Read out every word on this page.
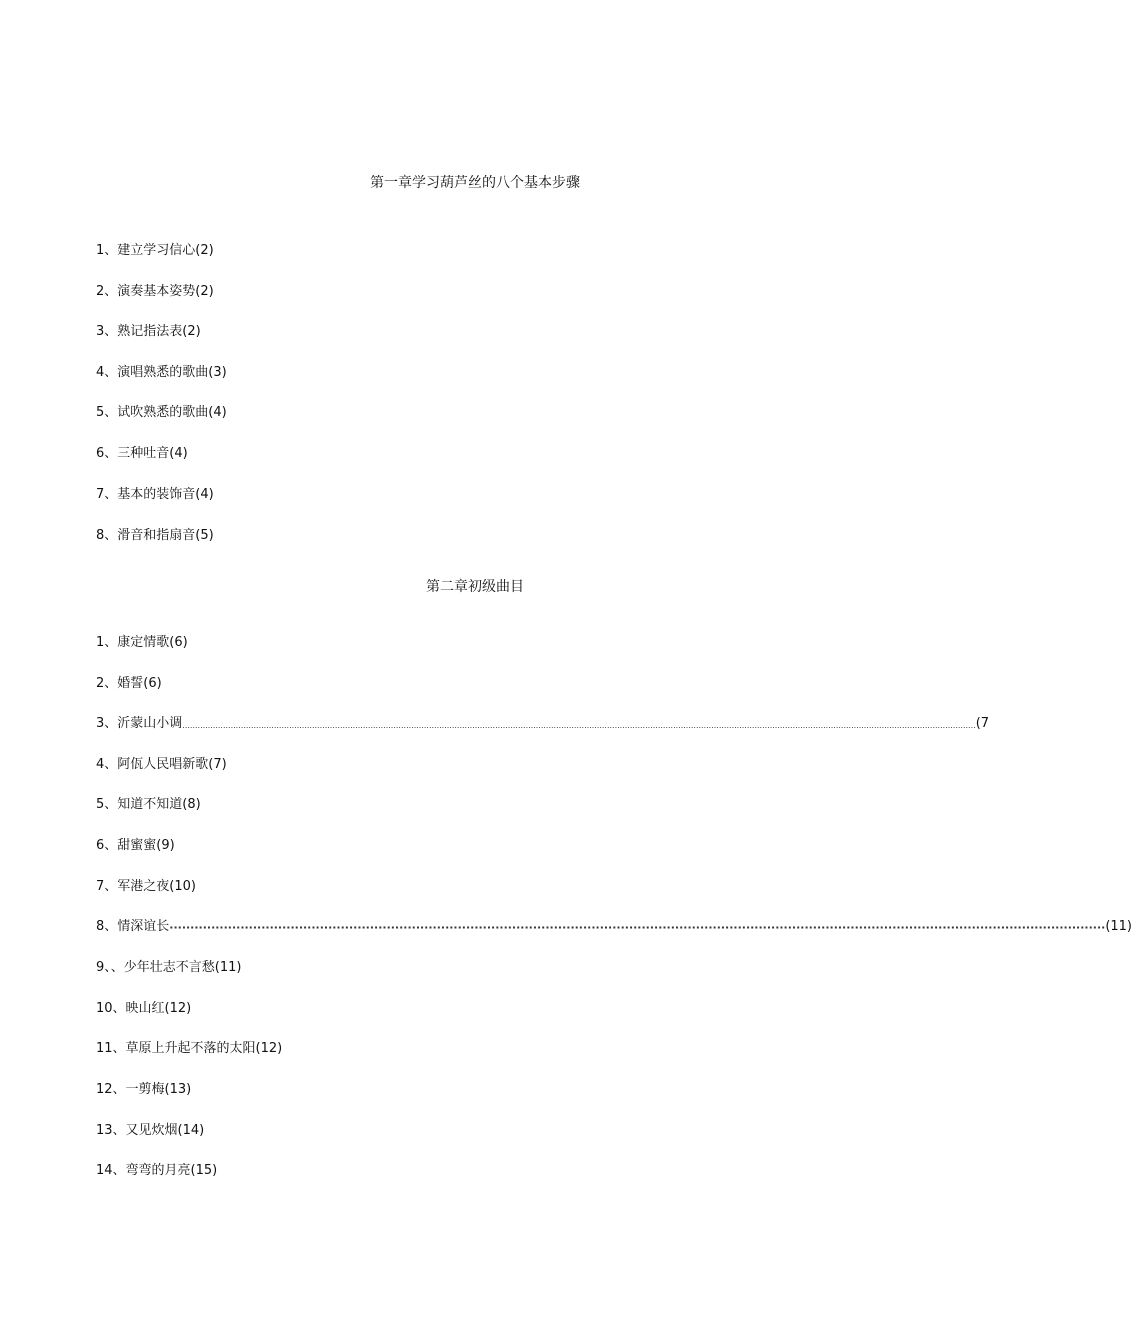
第一章学习葫芦丝的八个基本步骤
1、建立学习信心(2)
2、演奏基本姿势(2)
3、熟记指法表(2)
4、演唱熟悉的歌曲(3)
5、试吹熟悉的歌曲(4)
6、三种吐音(4)
7、基本的装饰音(4)
8、滑音和指扇音(5)
第二章初级曲目
1、康定情歌(6)
2、婚誓(6)
3、沂蒙山小调 ........................................................................................................................................................................................................................................................................................................................ (7
4、阿佤人民唱新歌(7)
5、知道不知道(8)
6、甜蜜蜜(9)
7、军港之夜(10)
8、情深谊长 ································································································································································································································ (11)
9、、少年壮志不言愁(11)
10、映山红(12)
11、草原上升起不落的太阳(12)
12、一剪梅(13)
13、又见炊烟(14)
14、弯弯的月亮(15)
